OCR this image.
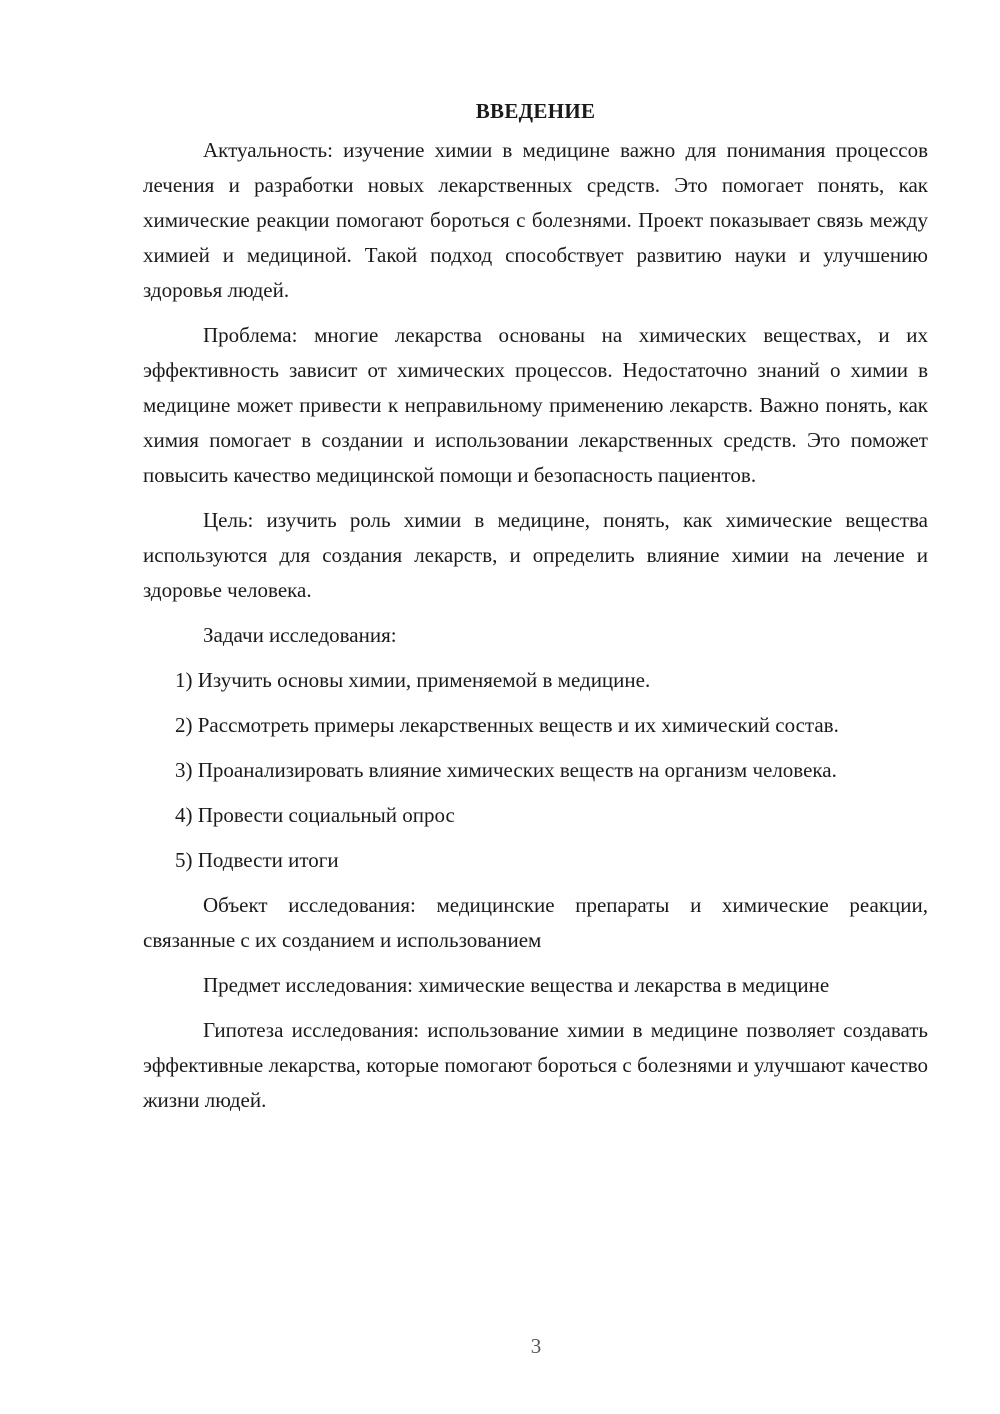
ВВЕДЕНИЕ

Актуальность: изучение химии в медицине важно для понимания процессов лечения и разработки новых лекарственных средств. Это помогает понять, как химические реакции помогают бороться с болезнями. Проект показывает связь между химией и медициной. Такой подход способствует развитию науки и улучшению здоровья людей.

Проблема: многие лекарства основаны на химических веществах, и их эффективность зависит от химических процессов. Недостаточно знаний о химии в медицине может привести к неправильному применению лекарств. Важно понять, как химия помогает в создании и использовании лекарственных средств. Это поможет повысить качество медицинской помощи и безопасность пациентов.

Цель: изучить роль химии в медицине, понять, как химические вещества используются для создания лекарств, и определить влияние химии на лечение и здоровье человека.

Задачи исследования:

1) Изучить основы химии, применяемой в медицине.

2) Рассмотреть примеры лекарственных веществ и их химический состав.

3) Проанализировать влияние химических веществ на организм человека.

4) Провести социальный опрос

5) Подвести итоги

Объект исследования: медицинские препараты и химические реакции, связанные с их созданием и использованием

Предмет исследования: химические вещества и лекарства в медицине

Гипотеза исследования: использование химии в медицине позволяет создавать эффективные лекарства, которые помогают бороться с болезнями и улучшают качество жизни людей.

3
